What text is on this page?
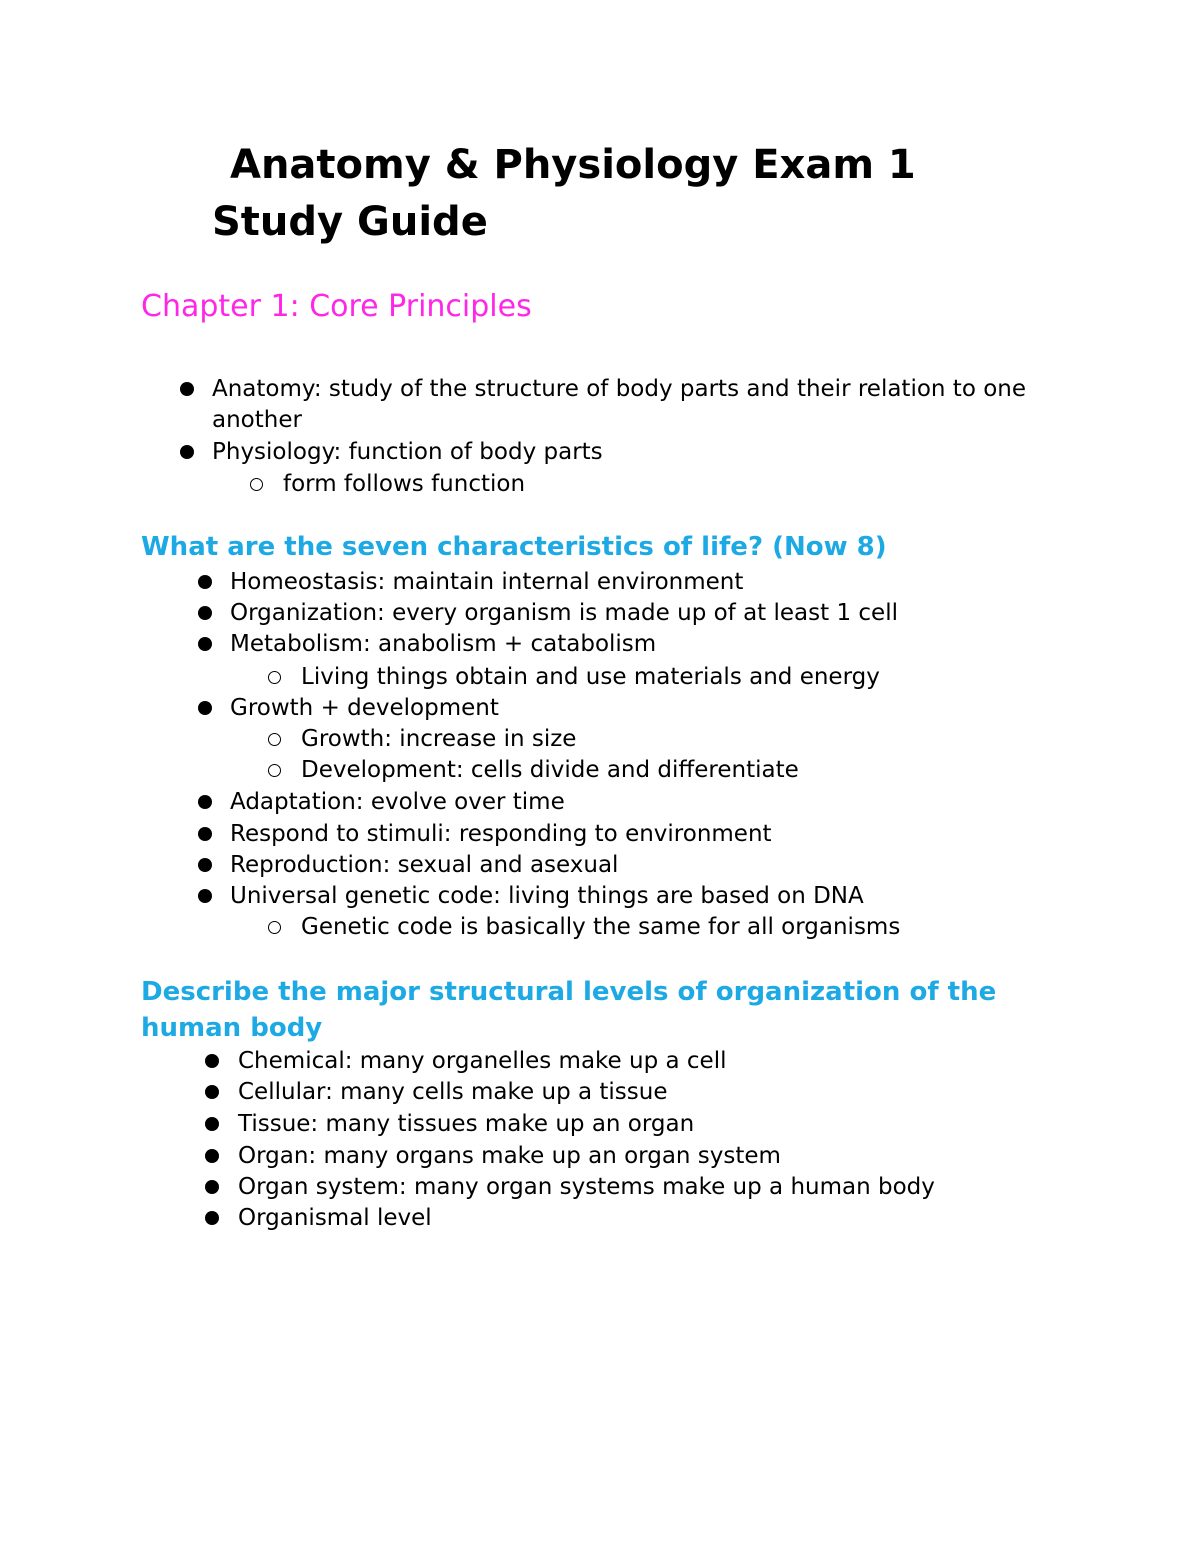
Anatomy & Physiology Exam 1
Study Guide
Chapter 1: Core Principles
Anatomy: study of the structure of body parts and their relation to one
another
Physiology: function of body parts
form follows function
What are the seven characteristics of life? (Now 8)
Homeostasis: maintain internal environment
Organization: every organism is made up of at least 1 cell
Metabolism: anabolism + catabolism
Living things obtain and use materials and energy
Growth + development
Growth: increase in size
Development: cells divide and differentiate
Adaptation: evolve over time
Respond to stimuli: responding to environment
Reproduction: sexual and asexual
Universal genetic code: living things are based on DNA
Genetic code is basically the same for all organisms
Describe the major structural levels of organization of the
human body
Chemical: many organelles make up a cell
Cellular: many cells make up a tissue
Tissue: many tissues make up an organ
Organ: many organs make up an organ system
Organ system: many organ systems make up a human body
Organismal level
